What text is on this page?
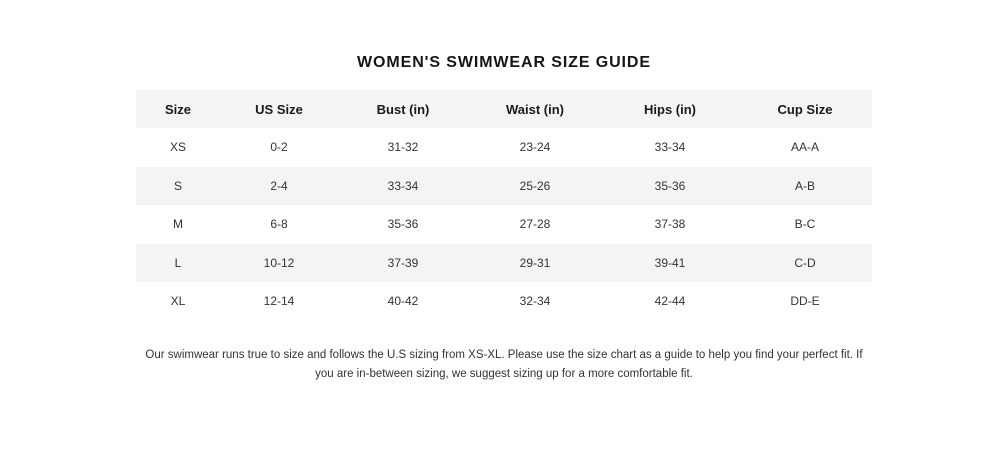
WOMEN'S SWIMWEAR SIZE GUIDE
Size	US Size	Bust (in)	Waist (in)	Hips (in)	Cup Size
XS	0-2	31-32	23-24	33-34	AA-A
S	2-4	33-34	25-26	35-36	A-B
M	6-8	35-36	27-28	37-38	B-C
L	10-12	37-39	29-31	39-41	C-D
XL	12-14	40-42	32-34	42-44	DD-E

Our swimwear runs true to size and follows the U.S sizing from XS-XL. Please use the size chart as a guide to help you find your perfect fit. If you are in-between sizing, we suggest sizing up for a more comfortable fit.
